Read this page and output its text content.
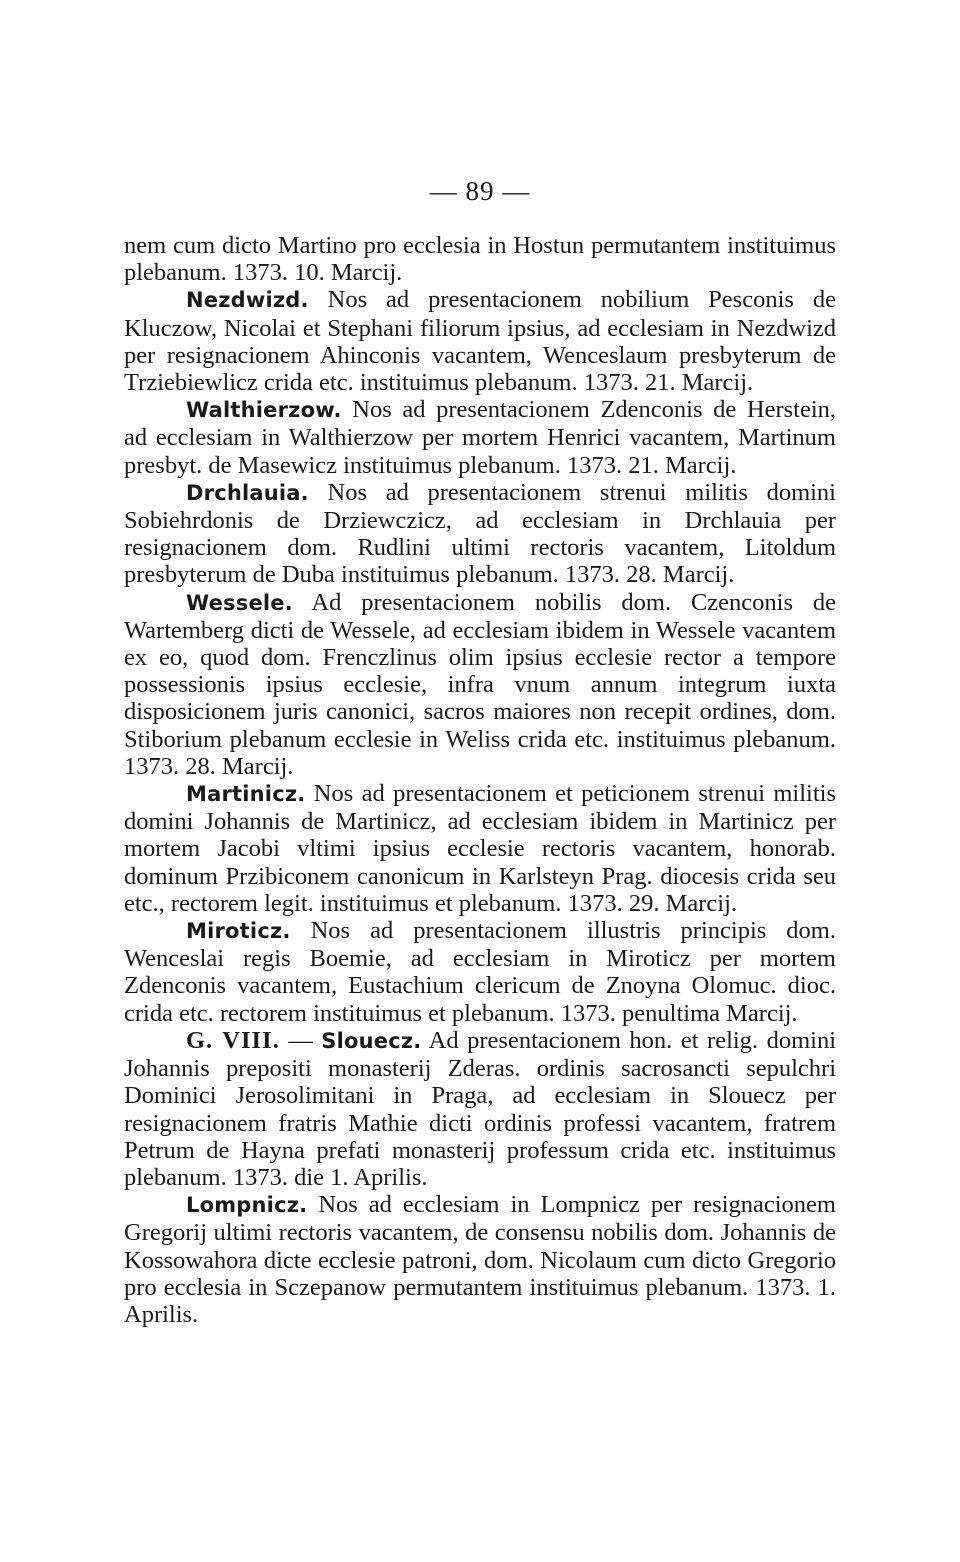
— 89 —

nem cum dicto Martino pro ecclesia in Hostun permutantem instituimus plebanum. 1373. 10. Marcij.

Nezdwizd. Nos ad presentacionem nobilium Pesconis de Kluczow, Nicolai et Stephani filiorum ipsius, ad ecclesiam in Nezdwizd per resignacionem Ahinconis vacantem, Wenceslaum presbyterum de Trziebiewlicz crida etc. instituimus plebanum. 1373. 21. Marcij.

Walthierzow. Nos ad presentacionem Zdenconis de Herstein, ad ecclesiam in Walthierzow per mortem Henrici vacantem, Martinum presbyt. de Masewicz instituimus plebanum. 1373. 21. Marcij.

Drchlauia. Nos ad presentacionem strenui militis domini Sobiehrdonis de Drziewczicz, ad ecclesiam in Drchlauia per resignacionem dom. Rudlini ultimi rectoris vacantem, Litoldum presbyterum de Duba instituimus plebanum. 1373. 28. Marcij.

Wessele. Ad presentacionem nobilis dom. Czenconis de Wartemberg dicti de Wessele, ad ecclesiam ibidem in Wessele vacantem ex eo, quod dom. Frenczlinus olim ipsius ecclesie rector a tempore possessionis ipsius ecclesie, infra vnum annum integrum iuxta disposicionem juris canonici, sacros maiores non recepit ordines, dom. Stiborium plebanum ecclesie in Weliss crida etc. instituimus plebanum. 1373. 28. Marcij.

Martinicz. Nos ad presentacionem et peticionem strenui militis domini Johannis de Martinicz, ad ecclesiam ibidem in Martinicz per mortem Jacobi vltimi ipsius ecclesie rectoris vacantem, honorab. dominum Przibiconem canonicum in Karlsteyn Prag. diocesis crida seu etc., rectorem legit. instituimus et plebanum. 1373. 29. Marcij.

Miroticz. Nos ad presentacionem illustris principis dom. Wenceslai regis Boemie, ad ecclesiam in Miroticz per mortem Zdenconis vacantem, Eustachium clericum de Znoyna Olomuc. dioc. crida etc. rectorem instituimus et plebanum. 1373. penultima Marcij.

G. VIII. — Slouecz. Ad presentacionem hon. et relig. domini Johannis prepositi monasterij Zderas. ordinis sacrosancti sepulchri Dominici Jerosolimitani in Praga, ad ecclesiam in Slouecz per resignacionem fratris Mathie dicti ordinis professi vacantem, fratrem Petrum de Hayna prefati monasterij professum crida etc. instituimus plebanum. 1373. die 1. Aprilis.

Lompnicz. Nos ad ecclesiam in Lompnicz per resignacionem Gregorij ultimi rectoris vacantem, de consensu nobilis dom. Johannis de Kossowahora dicte ecclesie patroni, dom. Nicolaum cum dicto Gregorio pro ecclesia in Sczepanow permutantem instituimus plebanum. 1373. 1. Aprilis.
